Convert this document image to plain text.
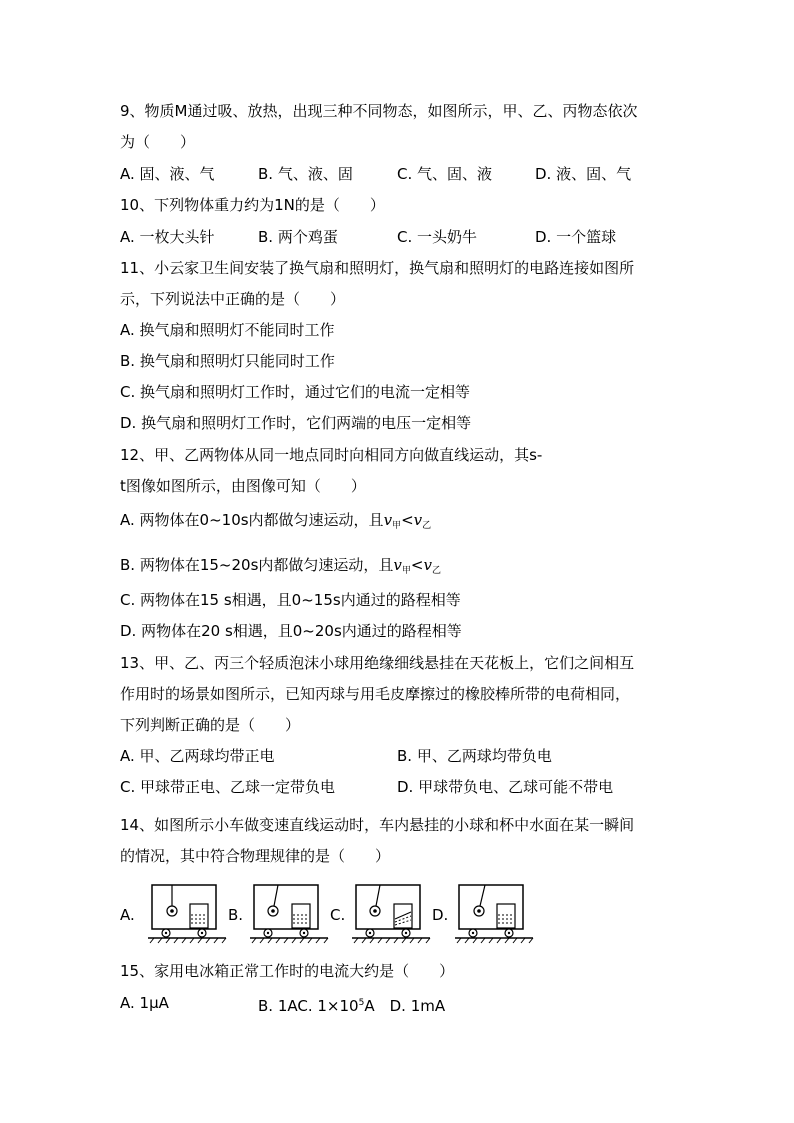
9、物质M通过吸、放热，出现三种不同物态，如图所示，甲、乙、丙物态依次
为（　　）
A. 固、液、气	B. 气、液、固	C. 气、固、液	D. 液、固、气
10、下列物体重力约为1N的是（　　）
A. 一枚大头针	B. 两个鸡蛋	C. 一头奶牛	D. 一个篮球
11、小云家卫生间安装了换气扇和照明灯，换气扇和照明灯的电路连接如图所
示，下列说法中正确的是（　　）
A. 换气扇和照明灯不能同时工作
B. 换气扇和照明灯只能同时工作
C. 换气扇和照明灯工作时，通过它们的电流一定相等
D. 换气扇和照明灯工作时，它们两端的电压一定相等
12、甲、乙两物体从同一地点同时向相同方向做直线运动，其s-
t图像如图所示，由图像可知（　　）
A. 两物体在0~10s内都做匀速运动，且$v_甲<v_乙$
B. 两物体在15~20s内都做匀速运动，且$v_甲<v_乙$
C. 两物体在15 s相遇，且0~15s内通过的路程相等
D. 两物体在20 s相遇，且0~20s内通过的路程相等
13、甲、乙、丙三个轻质泡沫小球用绝缘细线悬挂在天花板上，它们之间相互
作用时的场景如图所示，已知丙球与用毛皮摩擦过的橡胶棒所带的电荷相同，
下列判断正确的是（　　）
A. 甲、乙两球均带正电	B. 甲、乙两球均带负电
C. 甲球带正电、乙球一定带负电	D. 甲球带负电、乙球可能不带电
14、如图所示小车做变速直线运动时，车内悬挂的小球和杯中水面在某一瞬间
的情况，其中符合物理规律的是（　　）
A.	B.	C.	D.
15、家用电冰箱正常工作时的电流大约是（　　）
A. 1μA	B. 1AC. $1\times 10^5A$　 D. 1mA
